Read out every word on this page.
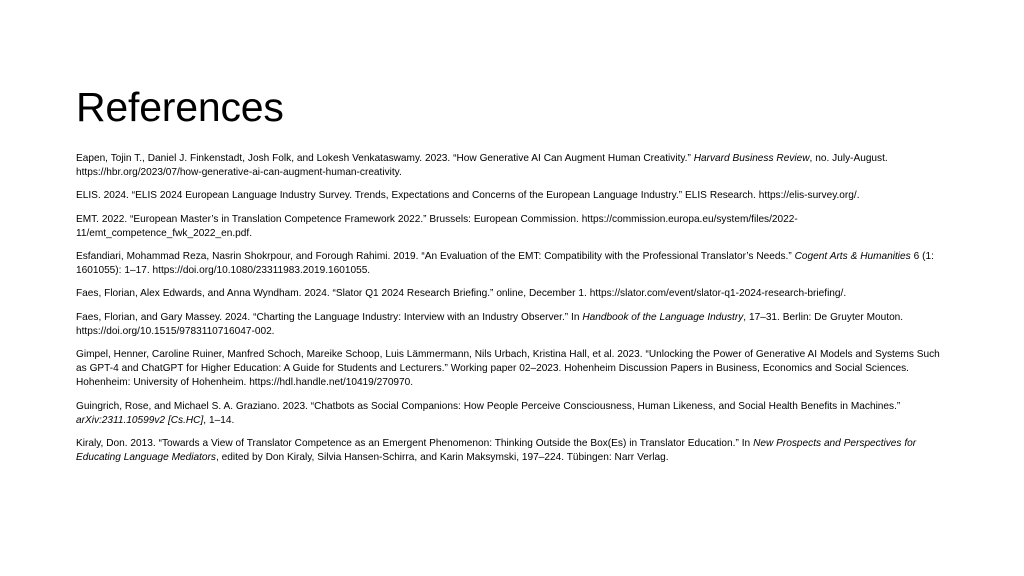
References

Eapen, Tojin T., Daniel J. Finkenstadt, Josh Folk, and Lokesh Venkataswamy. 2023. “How Generative AI Can Augment Human Creativity.” Harvard Business Review, no. July-August. https://hbr.org/2023/07/how-generative-ai-can-augment-human-creativity.

ELIS. 2024. “ELIS 2024 European Language Industry Survey. Trends, Expectations and Concerns of the European Language Industry.” ELIS Research. https://elis-survey.org/.

EMT. 2022. “European Master’s in Translation Competence Framework 2022.” Brussels: European Commission. https://commission.europa.eu/system/files/2022-11/emt_competence_fwk_2022_en.pdf.

Esfandiari, Mohammad Reza, Nasrin Shokrpour, and Forough Rahimi. 2019. “An Evaluation of the EMT: Compatibility with the Professional Translator’s Needs.” Cogent Arts & Humanities 6 (1: 1601055): 1–17. https://doi.org/10.1080/23311983.2019.1601055.

Faes, Florian, Alex Edwards, and Anna Wyndham. 2024. “Slator Q1 2024 Research Briefing.” online, December 1. https://slator.com/event/slator-q1-2024-research-briefing/.

Faes, Florian, and Gary Massey. 2024. “Charting the Language Industry: Interview with an Industry Observer.” In Handbook of the Language Industry, 17–31. Berlin: De Gruyter Mouton. https://doi.org/10.1515/9783110716047-002.

Gimpel, Henner, Caroline Ruiner, Manfred Schoch, Mareike Schoop, Luis Lämmermann, Nils Urbach, Kristina Hall, et al. 2023. “Unlocking the Power of Generative AI Models and Systems Such as GPT-4 and ChatGPT for Higher Education: A Guide for Students and Lecturers.” Working paper 02–2023. Hohenheim Discussion Papers in Business, Economics and Social Sciences. Hohenheim: University of Hohenheim. https://hdl.handle.net/10419/270970.

Guingrich, Rose, and Michael S. A. Graziano. 2023. “Chatbots as Social Companions: How People Perceive Consciousness, Human Likeness, and Social Health Benefits in Machines.” arXiv:2311.10599v2 [Cs.HC], 1–14.

Kiraly, Don. 2013. “Towards a View of Translator Competence as an Emergent Phenomenon: Thinking Outside the Box(Es) in Translator Education.” In New Prospects and Perspectives for Educating Language Mediators, edited by Don Kiraly, Silvia Hansen-Schirra, and Karin Maksymski, 197–224. Tübingen: Narr Verlag.
